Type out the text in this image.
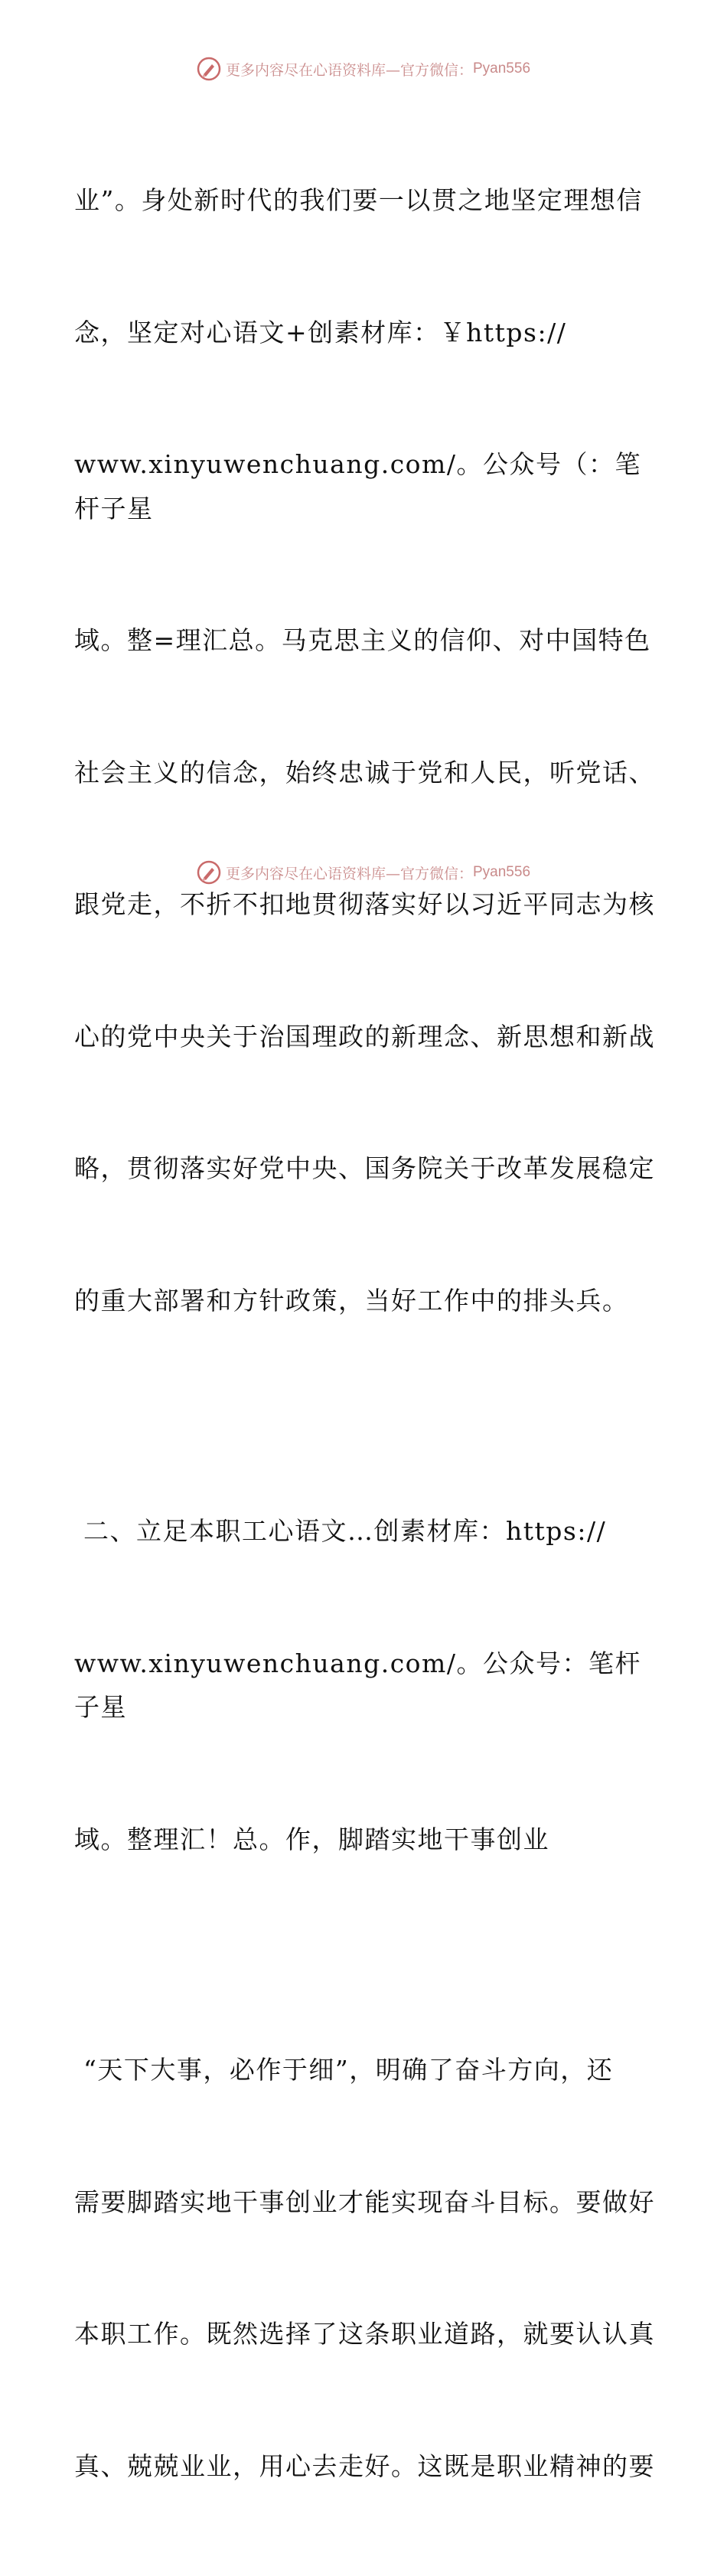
更多内容尽在心语资料库—官方微信： Pyan556

业”。身处新时代的我们要一以贯之地坚定理想信

念，坚定对心语文+创素材库：￥https://

www.xinyuwenchuang.com/。公众号（：笔杆子星

域。整=理汇总。马克思主义的信仰、对中国特色

社会主义的信念，始终忠诚于党和人民，听党话、

跟党走，不折不扣地贯彻落实好以习近平同志为核

心的党中央关于治国理政的新理念、新思想和新战

略，贯彻落实好党中央、国务院关于改革发展稳定

的重大部署和方针政策，当好工作中的排头兵。

二、立足本职工心语文…创素材库：https://

www.xinyuwenchuang.com/。公众号：笔杆子星

域。整理汇！总。作，脚踏实地干事创业

“天下大事，必作于细”，明确了奋斗方向，还

需要脚踏实地干事创业才能实现奋斗目标。要做好

本职工作。既然选择了这条职业道路，就要认认真

真、兢兢业业，用心去走好。这既是职业精神的要

更多内容尽在心语资料库—官方微信： Pyan556
